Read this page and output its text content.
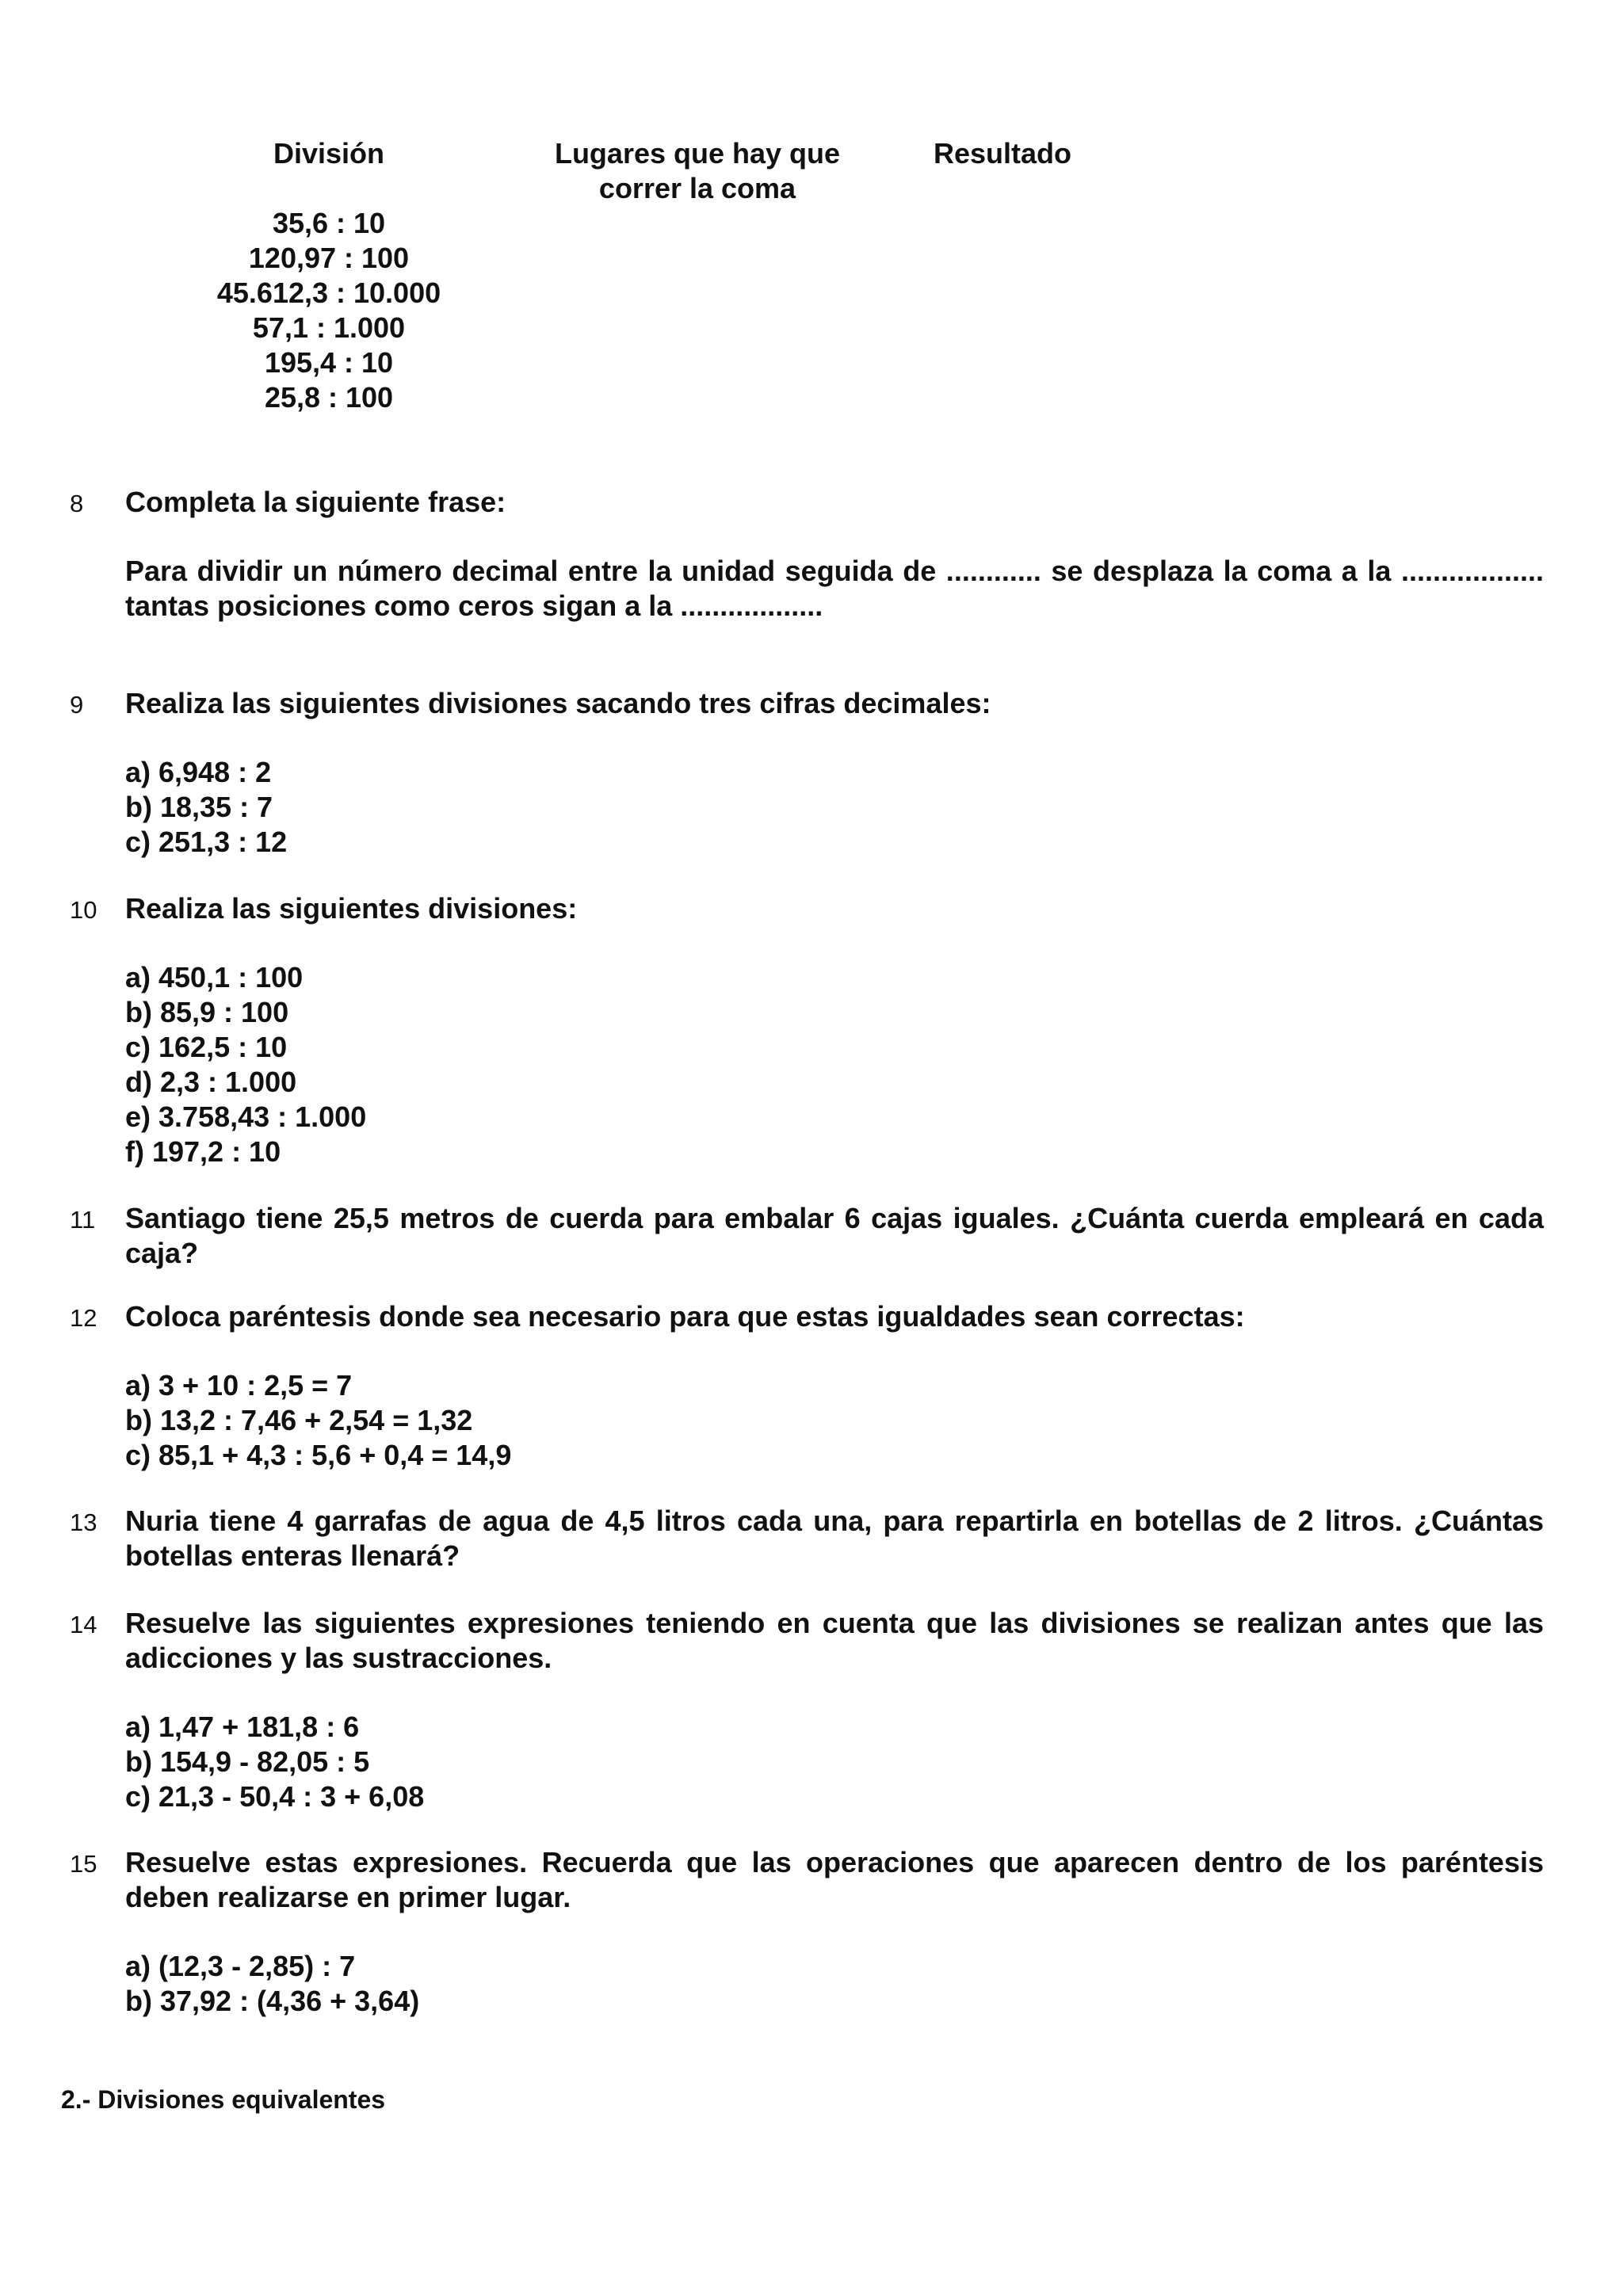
División	Lugares que hay que correr la coma
Resultado
35,6 : 10
120,97 : 100
45.612,3 : 10.000
57,1 : 1.000
195,4 : 10
25,8 : 100
8 Completa la siguiente frase:

Para dividir un número decimal entre la unidad seguida de ............ se desplaza la coma a la .................. tantas posiciones como ceros sigan a la ..................

9 Realiza las siguientes divisiones sacando tres cifras decimales:

a) 6,948 : 2
b) 18,35 : 7
c) 251,3 : 12
10 Realiza las siguientes divisiones:

a) 450,1 : 100
b) 85,9 : 100
c) 162,5 : 10
d) 2,3 : 1.000
e) 3.758,43 : 1.000
f) 197,2 : 10
11 Santiago tiene 25,5 metros de cuerda para embalar 6 cajas iguales. ¿Cuánta cuerda empleará en cada caja?

12 Coloca paréntesis donde sea necesario para que estas igualdades sean correctas:

a) 3 + 10 : 2,5 = 7
b) 13,2 : 7,46 + 2,54 = 1,32
c) 85,1 + 4,3 : 5,6 + 0,4 = 14,9
13 Nuria tiene 4 garrafas de agua de 4,5 litros cada una, para repartirla en botellas de 2 litros. ¿Cuántas botellas enteras llenará?

14 Resuelve las siguientes expresiones teniendo en cuenta que las divisiones se realizan antes que las adicciones y las sustracciones.

a) 1,47 + 181,8 : 6
b) 154,9 - 82,05 : 5
c) 21,3 - 50,4 : 3 + 6,08
15 Resuelve estas expresiones. Recuerda que las operaciones que aparecen dentro de los paréntesis deben realizarse en primer lugar.

a) (12,3 - 2,85) : 7
b) 37,92 : (4,36 + 3,64)
2.- Divisiones equivalentes
